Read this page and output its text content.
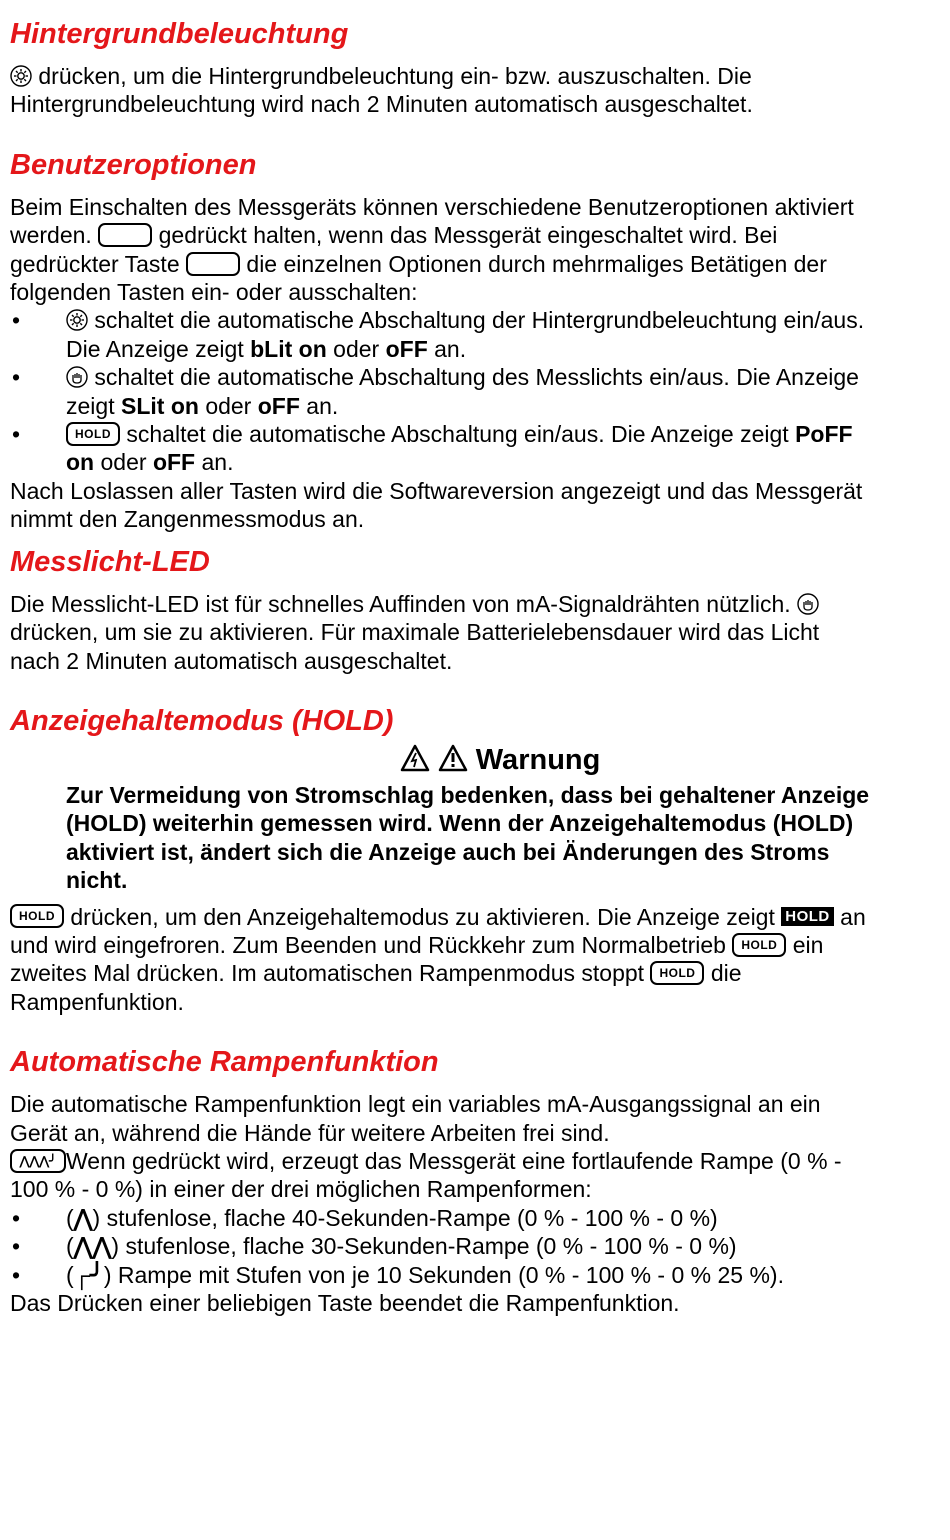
Hintergrundbeleuchtung

drücken, um die Hintergrundbeleuchtung ein- bzw. auszuschalten. Die Hintergrundbeleuchtung wird nach 2 Minuten automatisch ausgeschaltet.

Benutzeroptionen

Beim Einschalten des Messgeräts können verschiedene Benutzeroptionen aktiviert werden.	gedrückt halten, wenn das Messgerät eingeschaltet wird. Bei gedrückter Taste	die einzelnen Optionen durch mehrmaliges Betätigen der folgenden Tasten ein- oder ausschalten:

• schaltet die automatische Abschaltung der Hintergrundbeleuchtung ein/aus. Die Anzeige zeigt bLit on oder oFF an.
• schaltet die automatische Abschaltung des Messlichts ein/aus. Die Anzeige zeigt SLit on oder oFF an.
• HOLD schaltet die automatische Abschaltung ein/aus. Die Anzeige zeigt PoFF on oder oFF an.

Nach Loslassen aller Tasten wird die Softwareversion angezeigt und das Messgerät nimmt den Zangenmessmodus an.

Messlicht-LED

Die Messlicht-LED ist für schnelles Auffinden von mA-Signaldrähten nützlich.  drücken, um sie zu aktivieren. Für maximale Batterielebensdauer wird das Licht nach 2 Minuten automatisch ausgeschaltet.

Anzeigehaltemodus (HOLD)
Warnung

Zur Vermeidung von Stromschlag bedenken, dass bei gehaltener Anzeige (HOLD) weiterhin gemessen wird. Wenn der Anzeigehaltemodus (HOLD) aktiviert ist, ändert sich die Anzeige auch bei Änderungen des Stroms nicht.

HOLD drücken, um den Anzeigehaltemodus zu aktivieren. Die Anzeige zeigt HOLD an und wird eingefroren. Zum Beenden und Rückkehr zum Normalbetrieb HOLD ein zweites Mal drücken. Im automatischen Rampenmodus stoppt HOLD die Rampenfunktion.

Automatische Rampenfunktion

Die automatische Rampenfunktion legt ein variables mA-Ausgangssignal an ein Gerät an, während die Hände für weitere Arbeiten frei sind.

⋀⋀⋀╯ Wenn gedrückt wird, erzeugt das Messgerät eine fortlaufende Rampe (0 % - 100 % - 0 %) in einer der drei möglichen Rampenformen:

• (⋀) stufenlose, flache 40-Sekunden-Rampe (0 % - 100 % - 0 %)
• (⋀⋀) stufenlose, flache 30-Sekunden-Rampe (0 % - 100 % - 0 %)
• (┌╯) Rampe mit Stufen von je 10 Sekunden (0 % - 100 % - 0 % 25 %).

Das Drücken einer beliebigen Taste beendet die Rampenfunktion.
